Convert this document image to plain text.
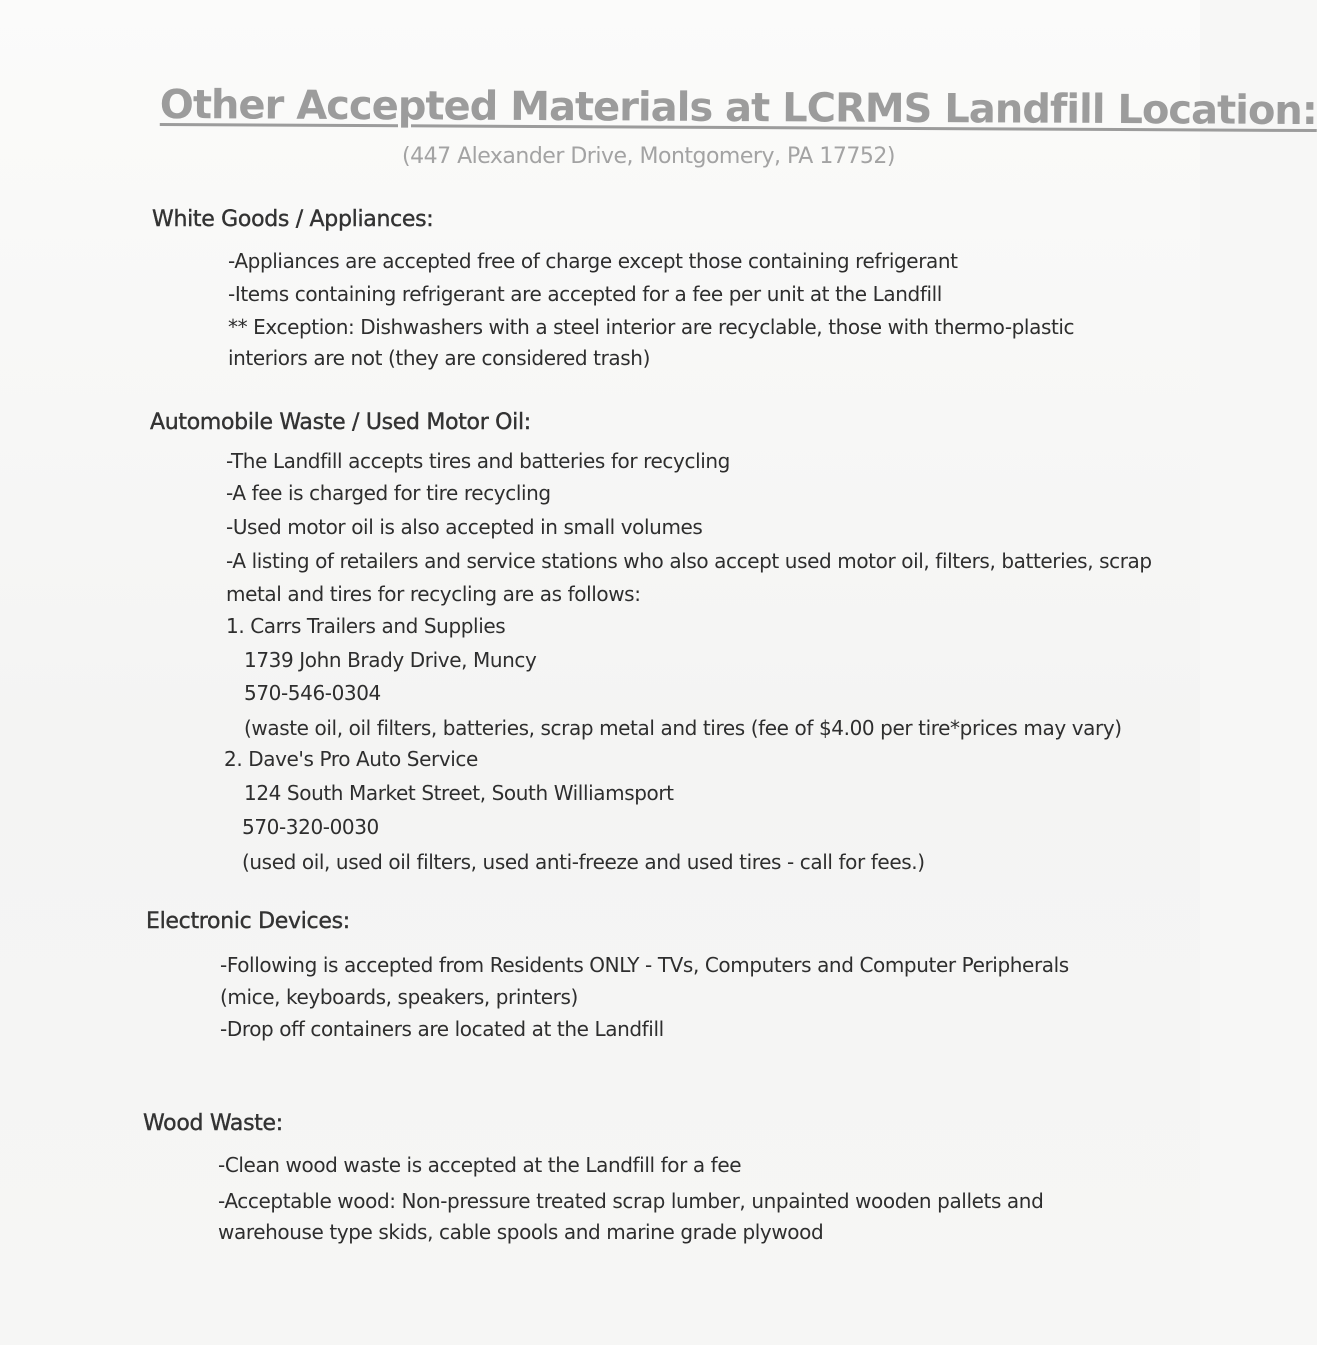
Other Accepted Materials at LCRMS Landfill Location:
(447 Alexander Drive, Montgomery, PA 17752)
White Goods / Appliances:
-Appliances are accepted free of charge except those containing refrigerant
-Items containing refrigerant are accepted for a fee per unit at the Landfill
** Exception: Dishwashers with a steel interior are recyclable, those with thermo-plastic
interiors are not (they are considered trash)
Automobile Waste / Used Motor Oil:
-The Landfill accepts tires and batteries for recycling
-A fee is charged for tire recycling
-Used motor oil is also accepted in small volumes
-A listing of retailers and service stations who also accept used motor oil, filters, batteries, scrap
metal and tires for recycling are as follows:
1. Carrs Trailers and Supplies
1739 John Brady Drive, Muncy
570-546-0304
(waste oil, oil filters, batteries, scrap metal and tires (fee of $4.00 per tire*prices may vary)
2. Dave's Pro Auto Service
124 South Market Street, South Williamsport
570-320-0030
(used oil, used oil filters, used anti-freeze and used tires - call for fees.)
Electronic Devices:
-Following is accepted from Residents ONLY - TVs, Computers and Computer Peripherals
(mice, keyboards, speakers, printers)
-Drop off containers are located at the Landfill
Wood Waste:
-Clean wood waste is accepted at the Landfill for a fee
-Acceptable wood: Non-pressure treated scrap lumber, unpainted wooden pallets and
warehouse type skids, cable spools and marine grade plywood
